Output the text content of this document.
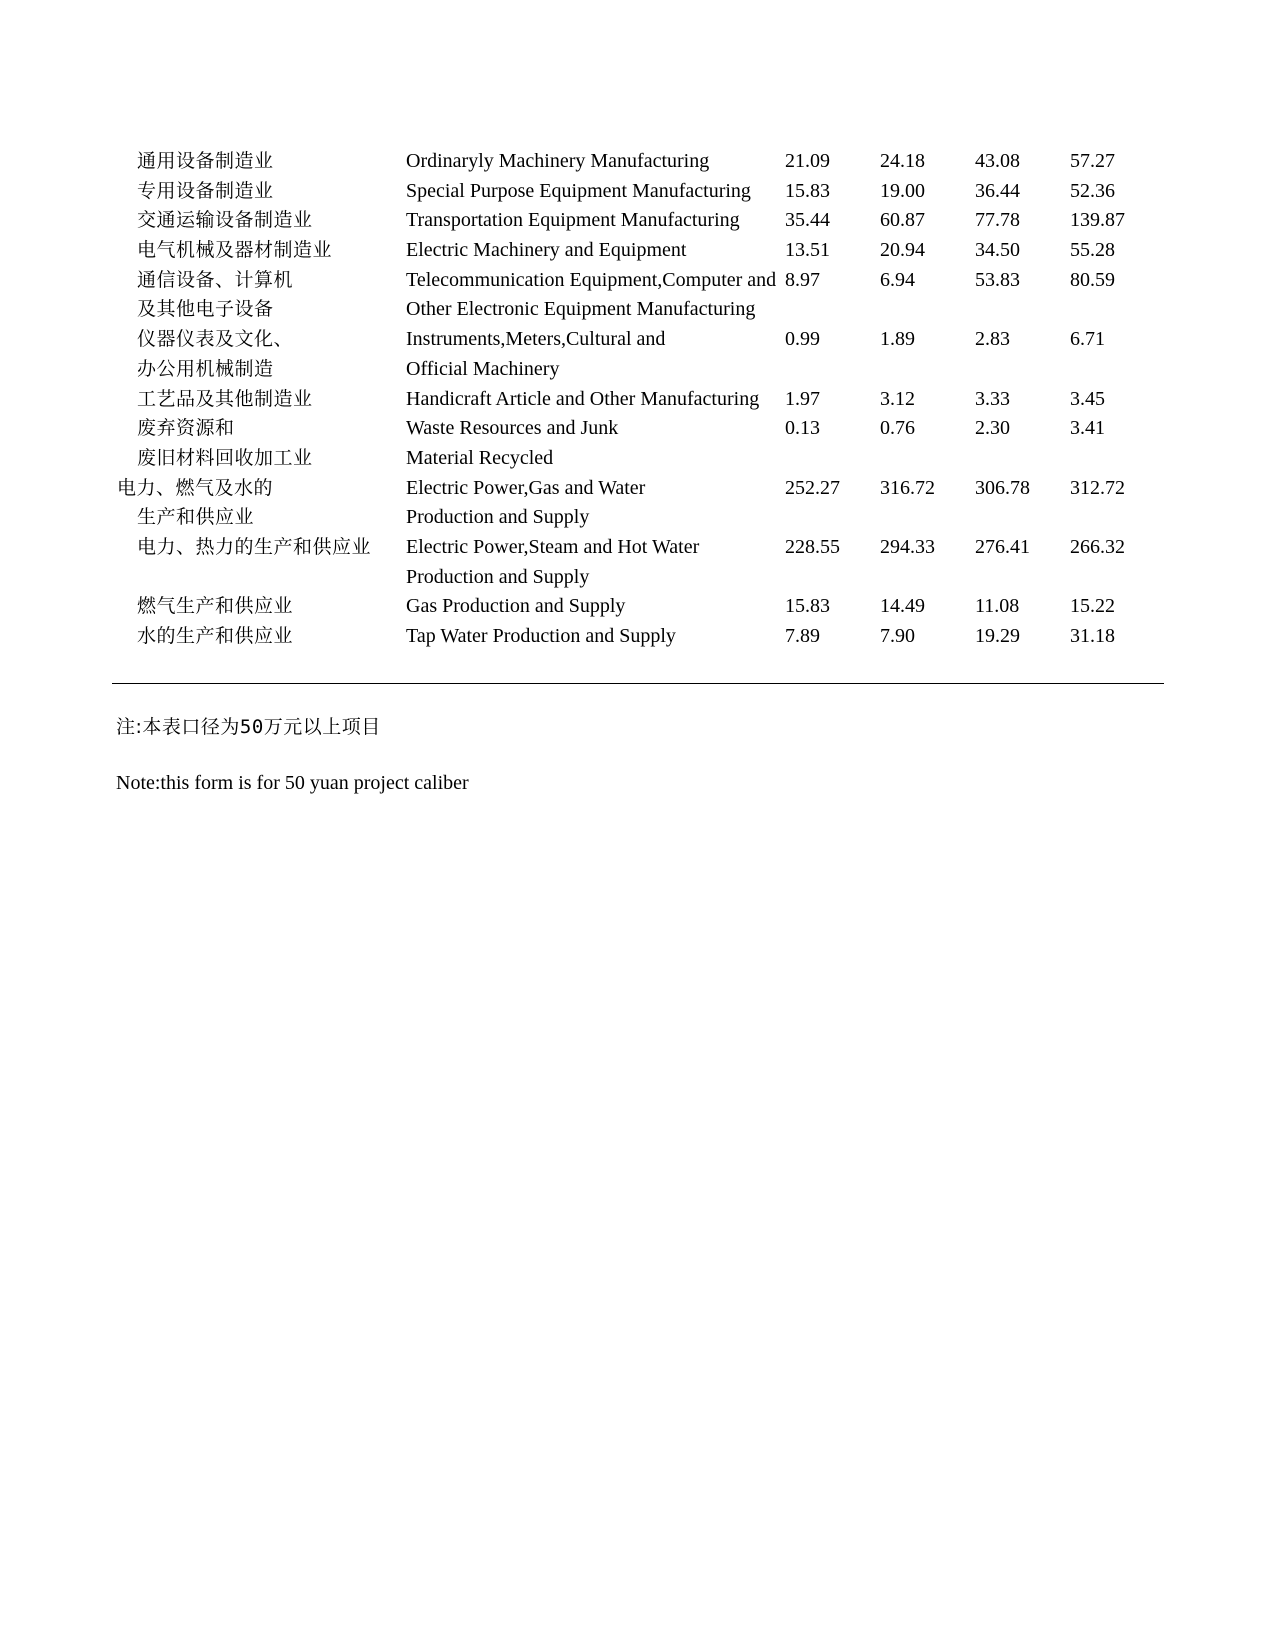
通用设备制造业	Ordinaryly Machinery Manufacturing	21.09	24.18	43.08	57.27
专用设备制造业	Special Purpose Equipment Manufacturing	15.83	19.00	36.44	52.36
交通运输设备制造业	Transportation Equipment Manufacturing	35.44	60.87	77.78	139.87
电气机械及器材制造业	Electric Machinery and Equipment	13.51	20.94	34.50	55.28
通信设备、计算机	Telecommunication Equipment,Computer and 8.97	6.94	53.83	80.59
及其他电子设备	Other Electronic Equipment Manufacturing
仪器仪表及文化、	Instruments,Meters,Cultural and	0.99	1.89	2.83	6.71
办公用机械制造	Official Machinery
工艺品及其他制造业	Handicraft Article and Other Manufacturing	1.97	3.12	3.33	3.45
废弃资源和	Waste Resources and Junk	0.13	0.76	2.30	3.41
废旧材料回收加工业	Material Recycled
电力、燃气及水的	Electric Power,Gas and Water	252.27 316.72 306.78 312.72
生产和供应业	Production and Supply
电力、热力的生产和供应业 Electric Power,Steam and Hot Water	228.55 294.33 276.41 266.32
Production and Supply
燃气生产和供应业	Gas Production and Supply	15.83	14.49	11.08	15.22
水的生产和供应业	Tap Water Production and Supply	7.89	7.90	19.29	31.18
注:本表口径为50万元以上项目
Note:this form is for 50 yuan project caliber
